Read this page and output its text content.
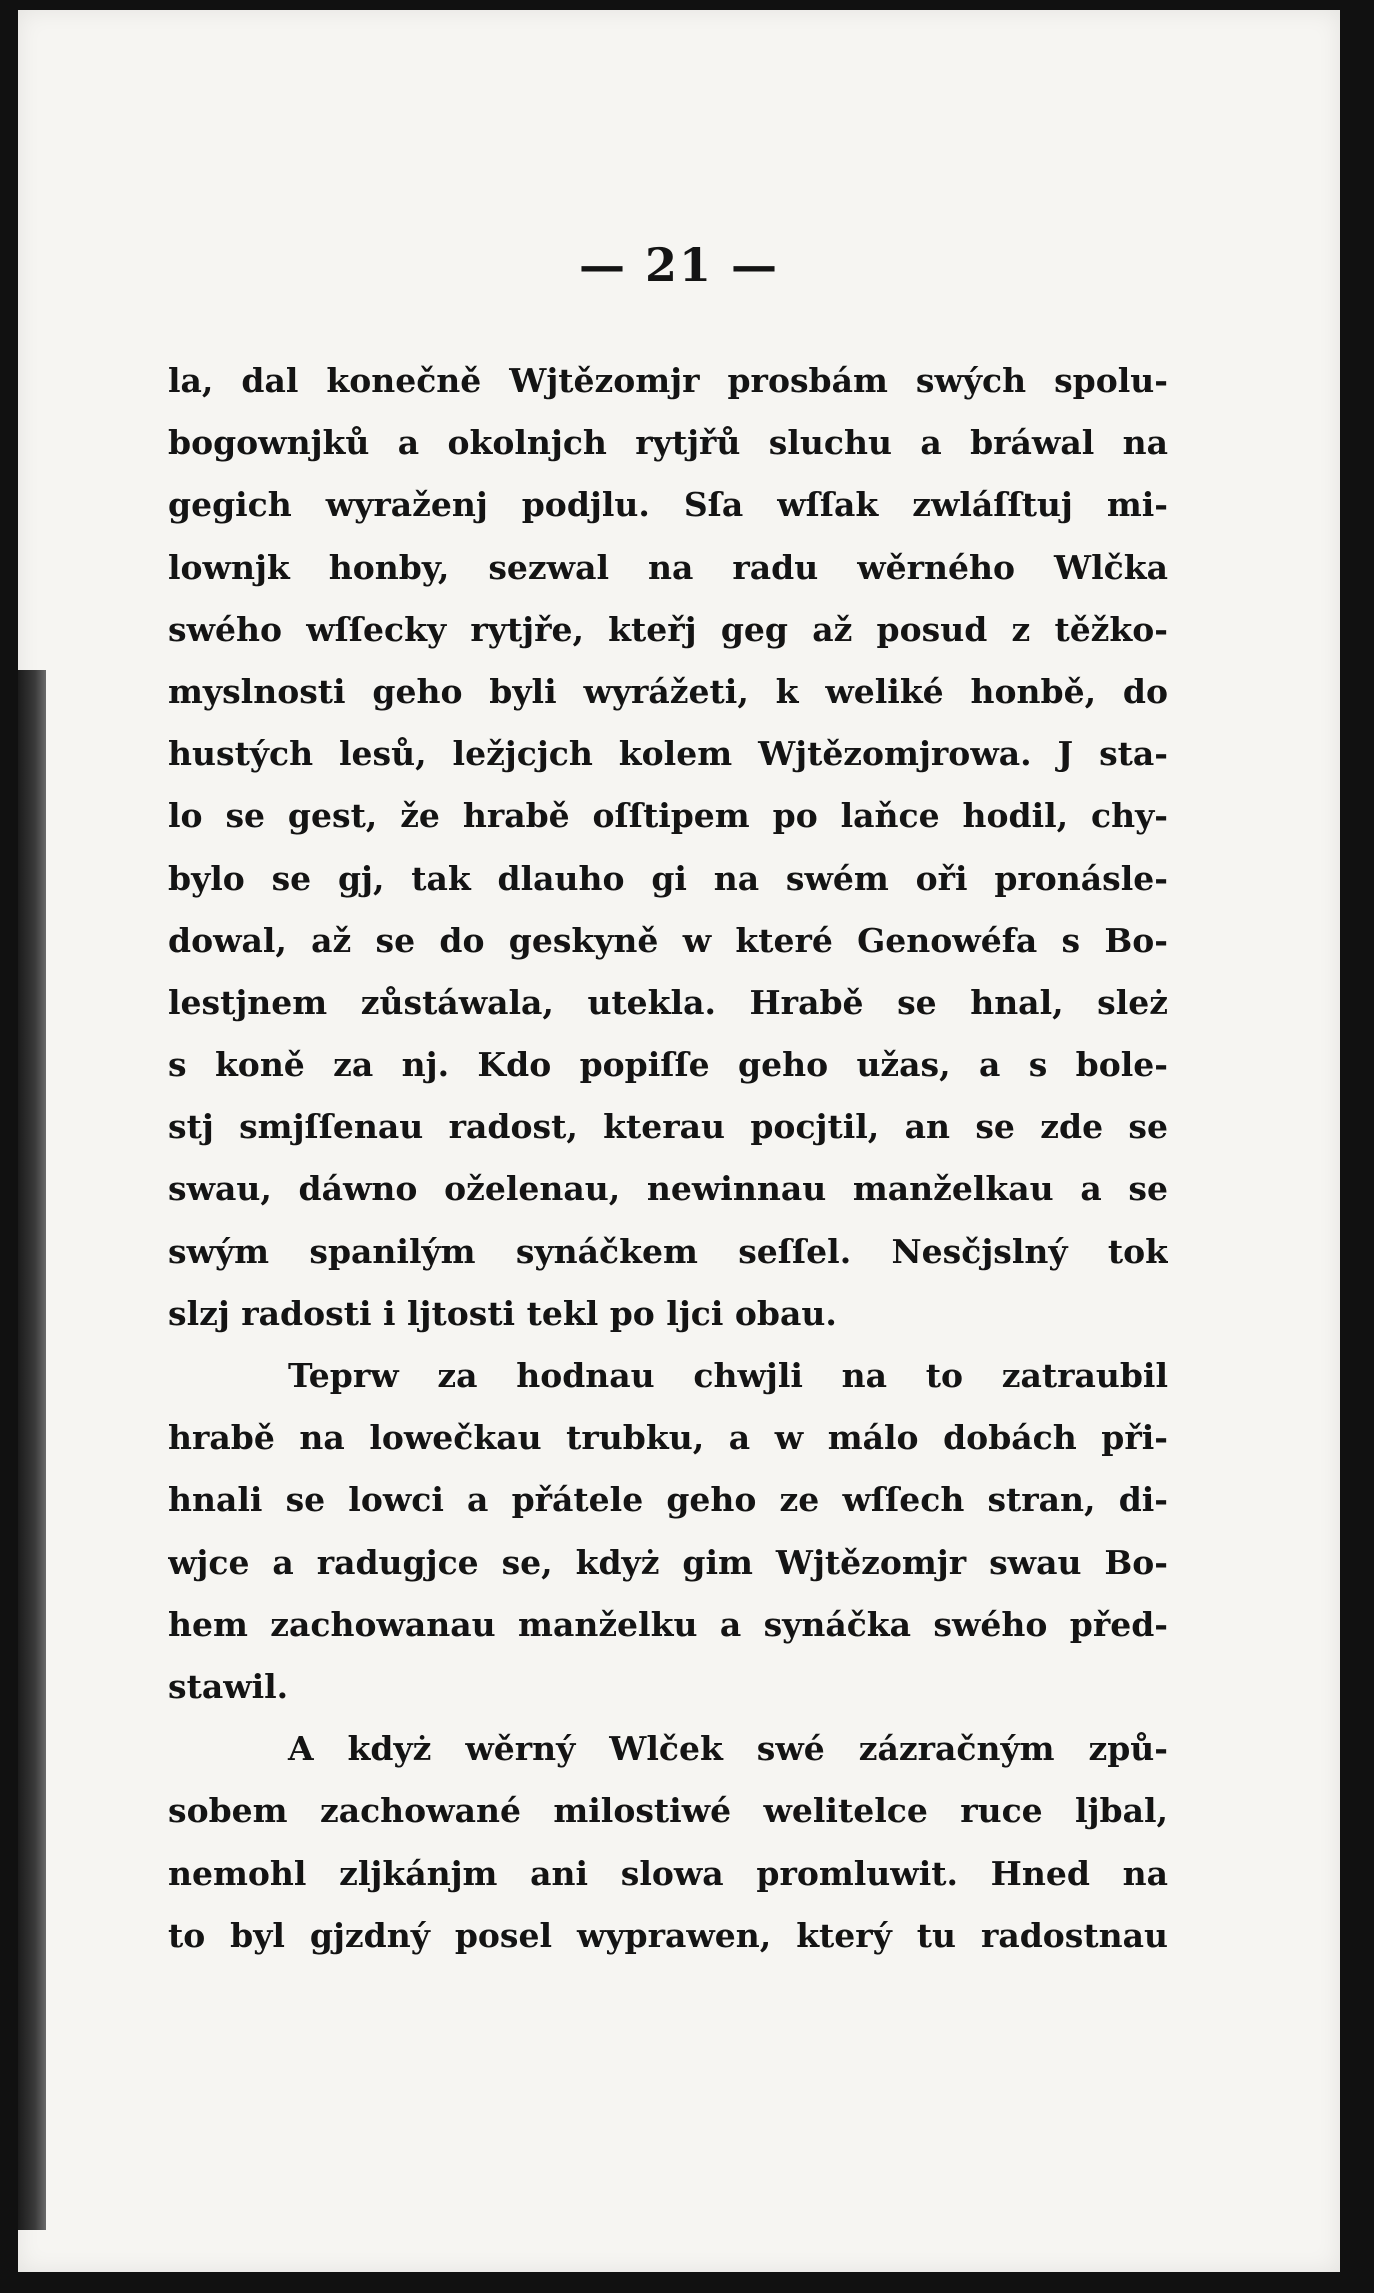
— 21 —
la, dal konečně Wjtězomjr prosbám swých spolu-
bogownjků a okolnjch rytjřů sluchu a bráwal na
gegich wyraženj podjlu. Sſa wſſak zwláſſtuj mi-
lownjk honby, sezwal na radu wěrného Wlčka
swého wſſecky rytjře, kteřj geg až posud z těžko-
myslnosti geho byli wyrážeti, k weliké honbě, do
hustých lesů, ležjcjch kolem Wjtězomjrowa. J sta-
lo se gest, že hrabě oſſtipem po laňce hodil, chy-
bylo se gj, tak dlauho gi na swém oři pronásle-
dowal, až se do geskyně w které Genowéfa s Bo-
lestjnem zůstáwala, utekla. Hrabě se hnal, sleż
s koně za nj. Kdo popiſſe geho užas, a s bole-
stj smjſſenau radost, kterau pocjtil, an se zde se
swau, dáwno oželenau, newinnau manželkau a se
swým spanilým synáčkem seſſel. Nesčjslný tok
slzj radosti i ljtosti tekl po ljci obau.
Teprw za hodnau chwjli na to zatraubil
hrabě na lowečkau trubku, a w málo dobách při-
hnali se lowci a přátele geho ze wſſech stran, di-
wjce a radugjce se, kdyż gim Wjtězomjr swau Bo-
hem zachowanau manželku a synáčka swého před-
stawil.
A kdyż wěrný Wlček swé zázračným způ-
sobem zachowané milostiwé welitelce ruce ljbal,
nemohl zljkánjm ani slowa promluwit. Hned na
to byl gjzdný posel wyprawen, který tu radostnau
